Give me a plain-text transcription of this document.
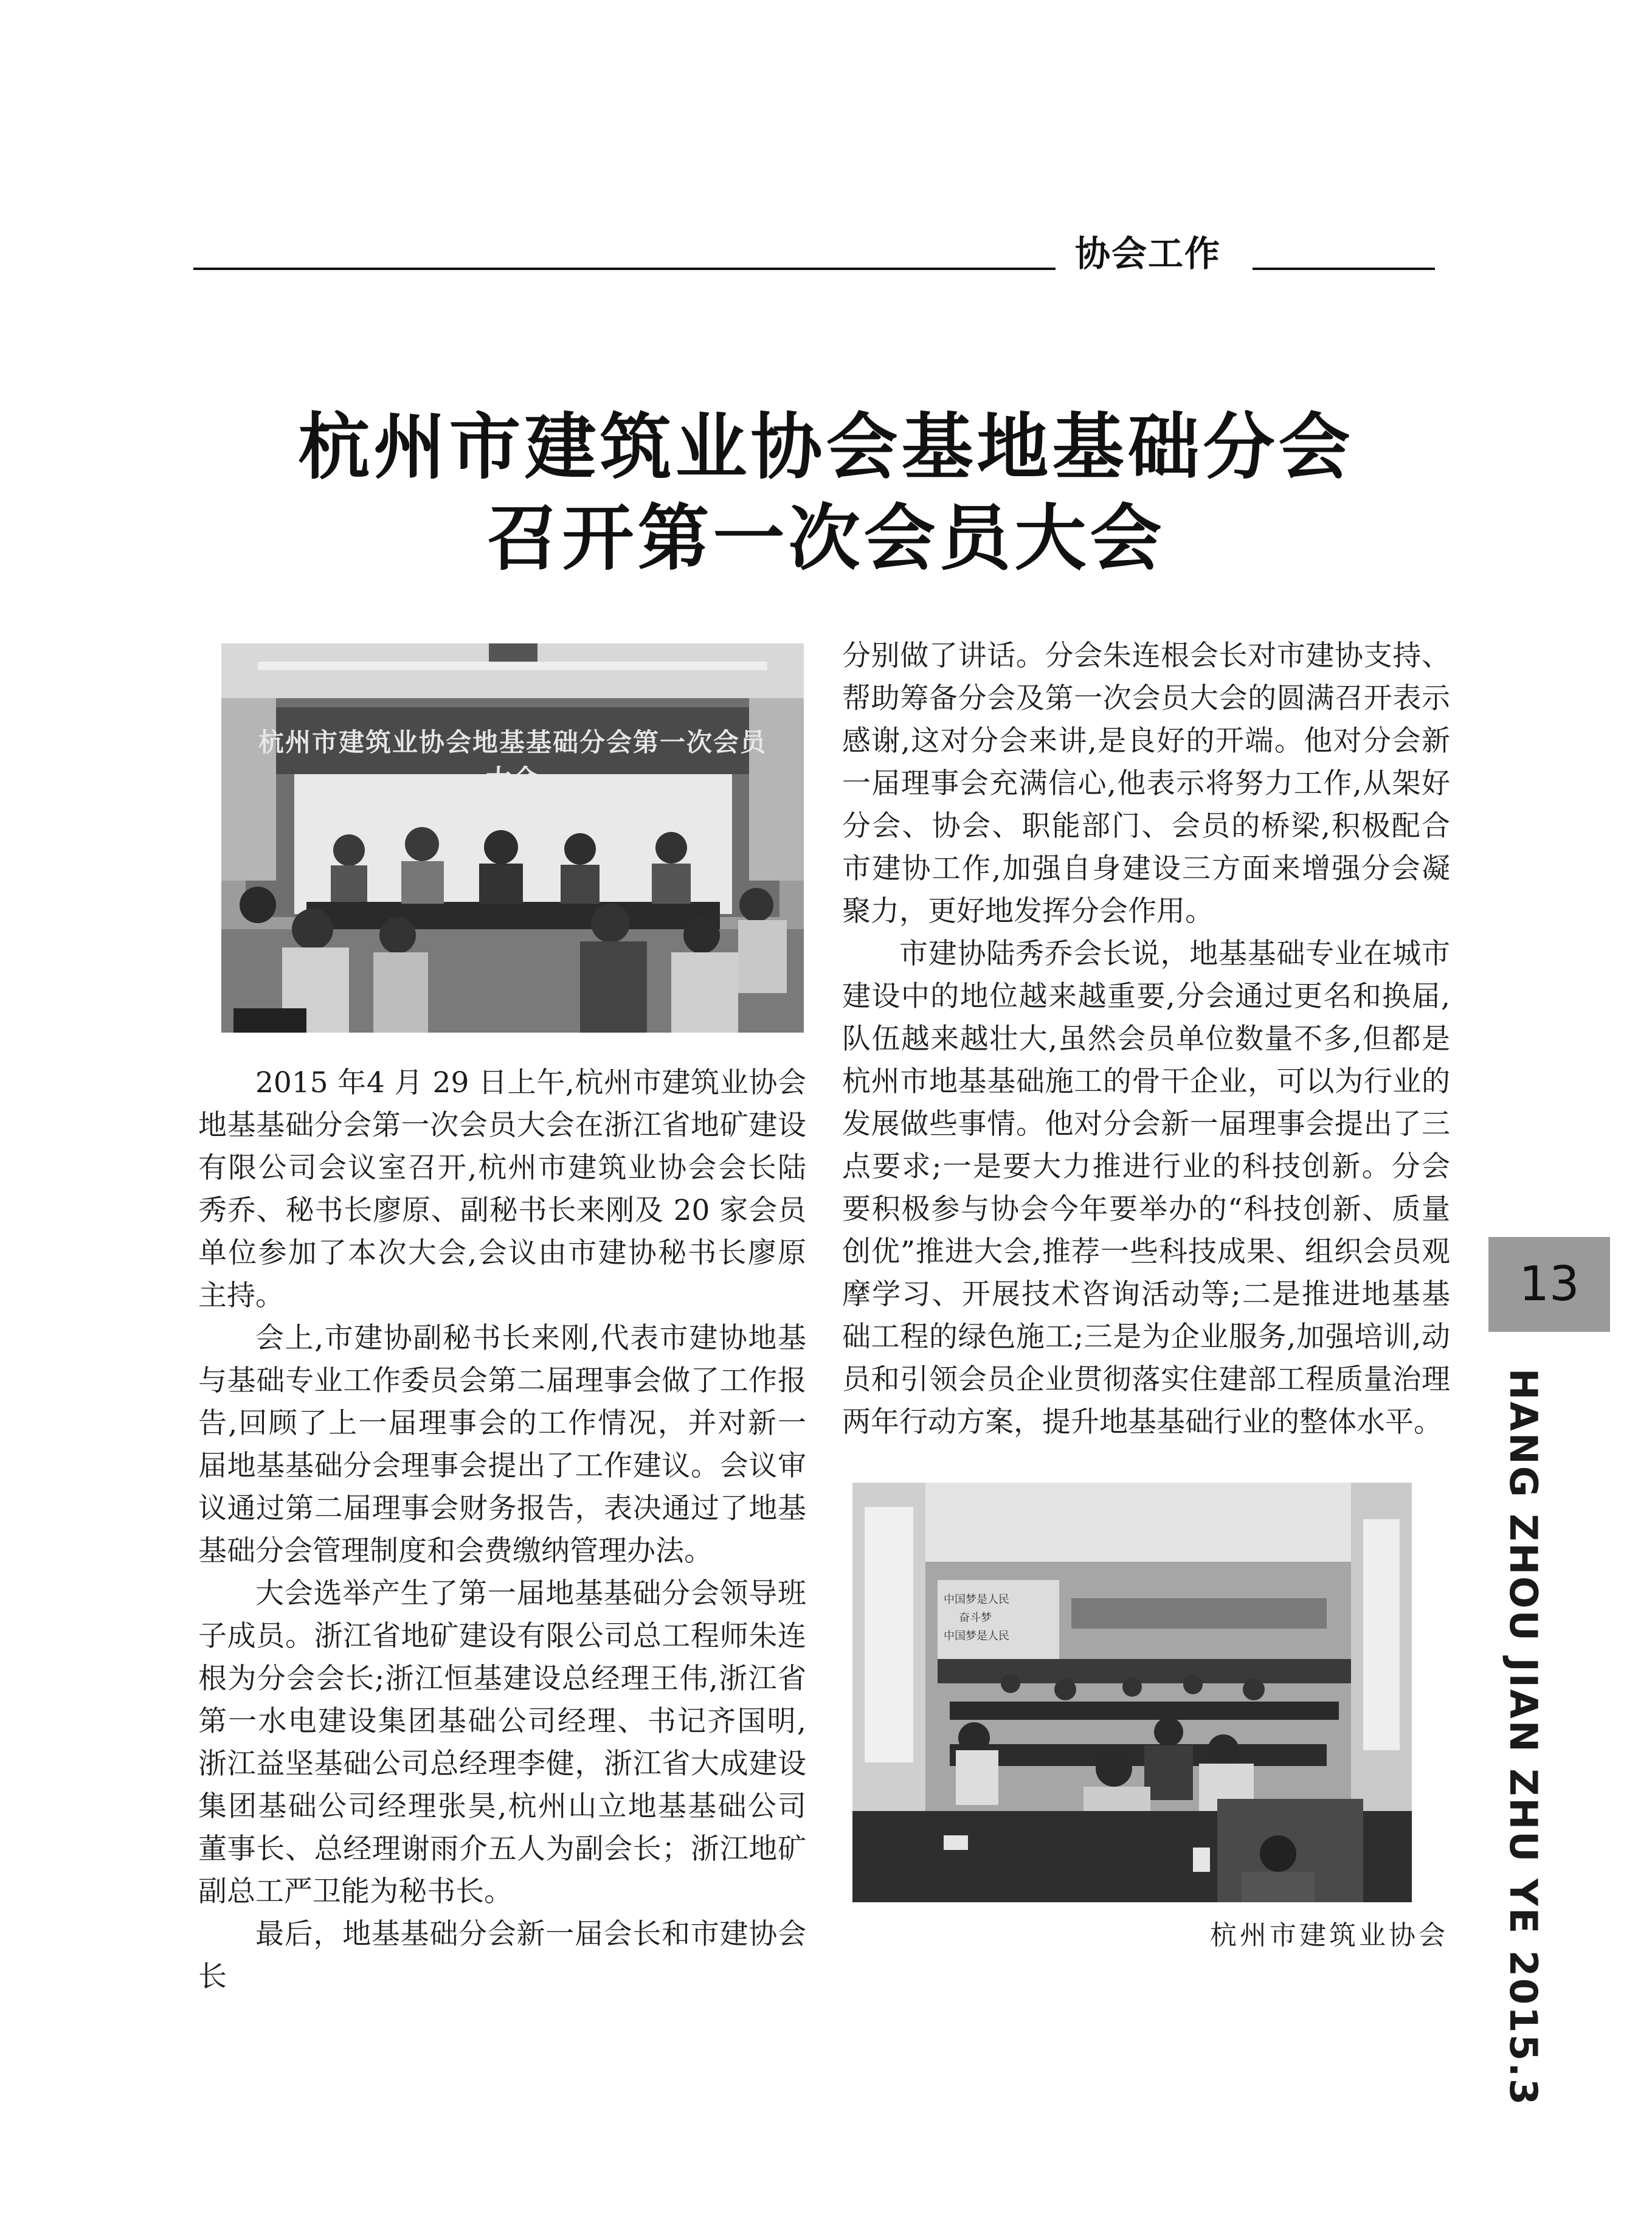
协会工作
杭州市建筑业协会基地基础分会
召开第一次会员大会
杭州市建筑业协会地基基础分会第一次会员大会

2015 年4 月 29 日上午,杭州市建筑业协会地基基础分会第一次会员大会在浙江省地矿建设有限公司会议室召开,杭州市建筑业协会会长陆秀乔、秘书长廖原、副秘书长来刚及 20 家会员单位参加了本次大会,会议由市建协秘书长廖原主持。

会上,市建协副秘书长来刚,代表市建协地基与基础专业工作委员会第二届理事会做了工作报告,回顾了上一届理事会的工作情况，并对新一届地基基础分会理事会提出了工作建议。会议审议通过第二届理事会财务报告，表决通过了地基基础分会管理制度和会费缴纳管理办法。

大会选举产生了第一届地基基础分会领导班子成员。浙江省地矿建设有限公司总工程师朱连根为分会会长;浙江恒基建设总经理王伟,浙江省第一水电建设集团基础公司经理、书记齐国明,浙江益坚基础公司总经理李健，浙江省大成建设集团基础公司经理张昊,杭州山立地基基础公司董事长、总经理谢雨介五人为副会长；浙江地矿副总工严卫能为秘书长。

最后，地基基础分会新一届会长和市建协会长

分别做了讲话。分会朱连根会长对市建协支持、帮助筹备分会及第一次会员大会的圆满召开表示感谢,这对分会来讲,是良好的开端。他对分会新一届理事会充满信心,他表示将努力工作,从架好分会、协会、职能部门、会员的桥梁,积极配合市建协工作,加强自身建设三方面来增强分会凝聚力，更好地发挥分会作用。

市建协陆秀乔会长说，地基基础专业在城市建设中的地位越来越重要,分会通过更名和换届,队伍越来越壮大,虽然会员单位数量不多,但都是杭州市地基基础施工的骨干企业，可以为行业的发展做些事情。他对分会新一届理事会提出了三点要求;一是要大力推进行业的科技创新。分会要积极参与协会今年要举办的“科技创新、质量创优”推进大会,推荐一些科技成果、组织会员观摩学习、开展技术咨询活动等;二是推进地基基础工程的绿色施工;三是为企业服务,加强培训,动员和引领会员企业贯彻落实住建部工程质量治理两年行动方案，提升地基基础行业的整体水平。

中国梦是人民
奋斗梦
中国梦是人民
杭州市建筑业协会
13
HANG ZHOU JIAN ZHU YE 2015.3
